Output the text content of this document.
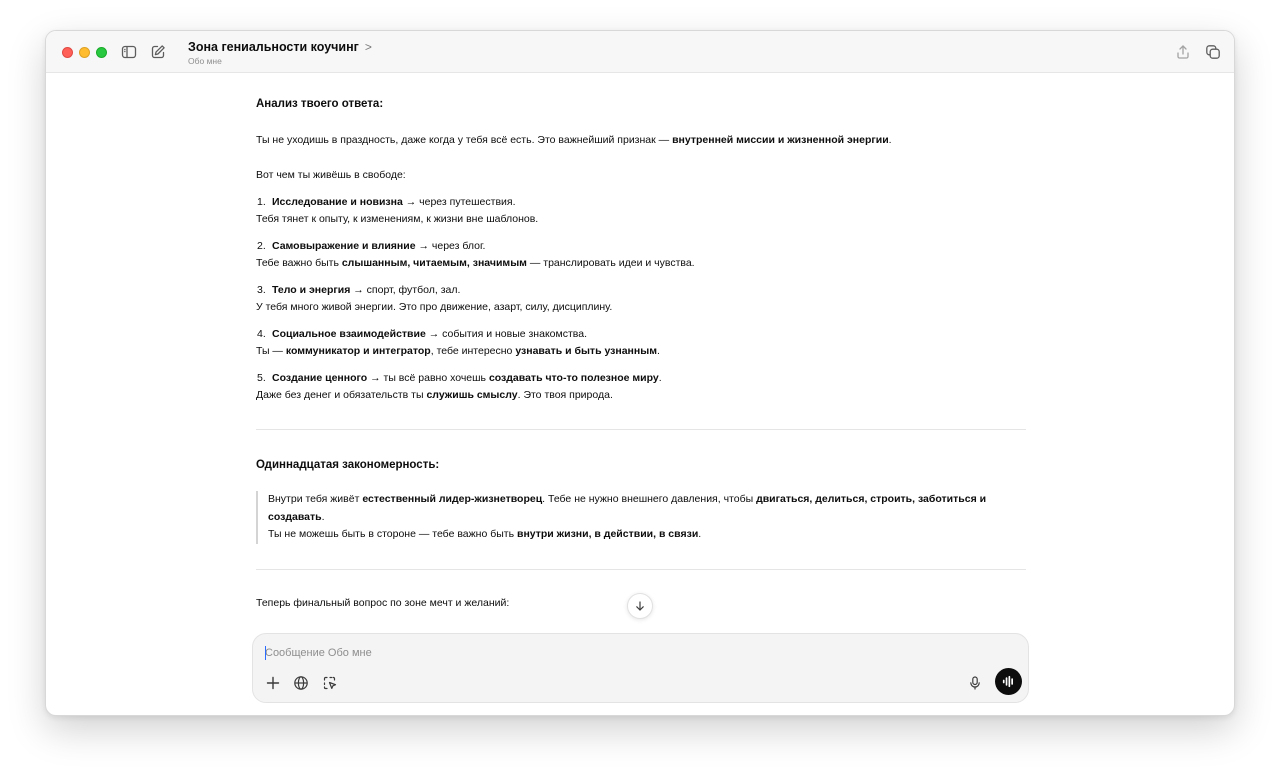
Зона гениальности коучинг >
Обо мне
Анализ твоего ответа:
Ты не уходишь в праздность, даже когда у тебя всё есть. Это важнейший признак — внутренней миссии и жизненной энергии.
Вот чем ты живёшь в свободе:
1. Исследование и новизна → через путешествия.
Тебя тянет к опыту, к изменениям, к жизни вне шаблонов.
2. Самовыражение и влияние → через блог.
Тебе важно быть слышанным, читаемым, значимым — транслировать идеи и чувства.
3. Тело и энергия → спорт, футбол, зал.
У тебя много живой энергии. Это про движение, азарт, силу, дисциплину.
4. Социальное взаимодействие → события и новые знакомства.
Ты — коммуникатор и интегратор, тебе интересно узнавать и быть узнанным.
5. Создание ценного → ты всё равно хочешь создавать что-то полезное миру.
Даже без денег и обязательств ты служишь смыслу. Это твоя природа.
Одиннадцатая закономерность:
Внутри тебя живёт естественный лидер-жизнетворец. Тебе не нужно внешнего давления, чтобы двигаться, делиться, строить, заботиться и создавать.
Ты не можешь быть в стороне — тебе важно быть внутри жизни, в действии, в связи.
Теперь финальный вопрос по зоне мечт и желаний:
Сообщение Обо мне
